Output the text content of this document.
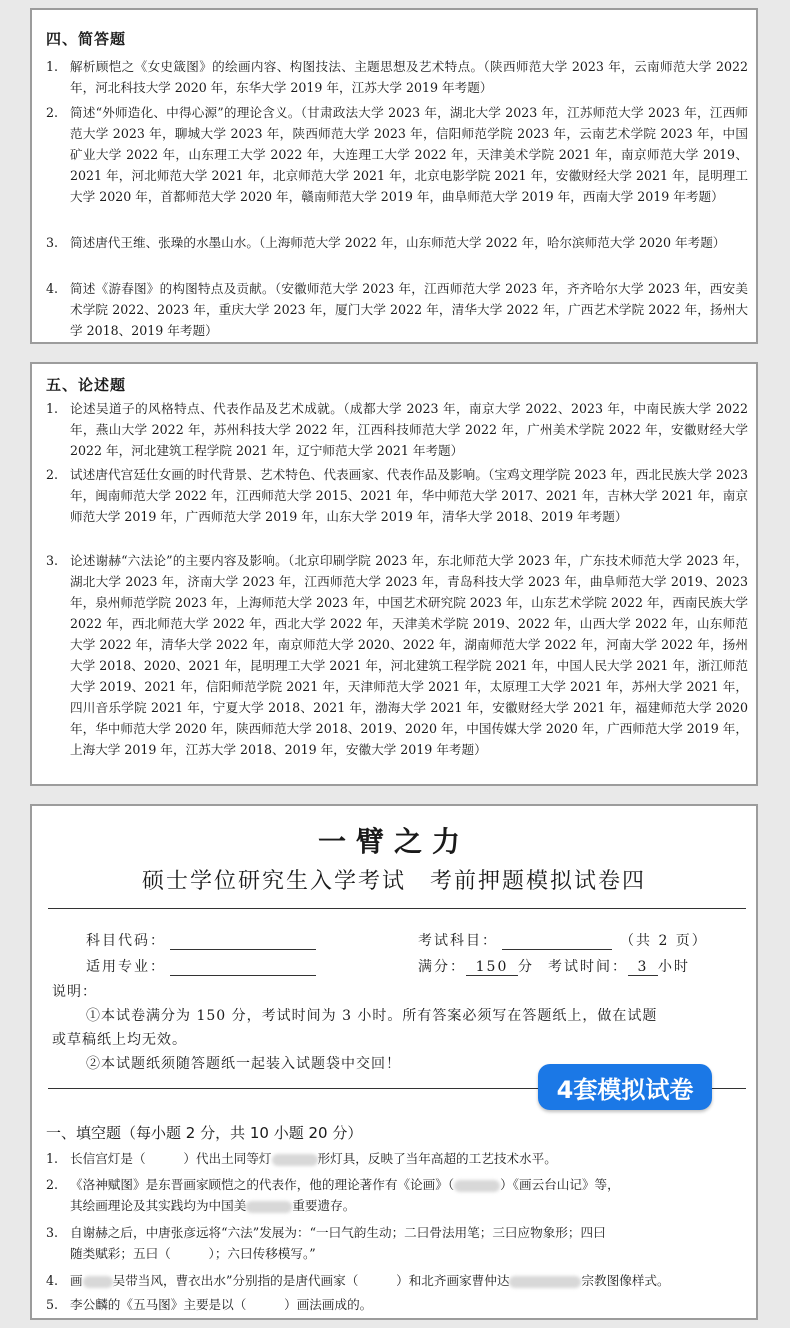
四、简答题
1. 解析顾恺之《女史箴图》的绘画内容、构图技法、主题思想及艺术特点。（陕西师范大学 2023 年，云南师范大学 2022 年，河北科技大学 2020 年，东华大学 2019 年，江苏大学 2019 年考题）
2. 简述“外师造化、中得心源”的理论含义。（甘肃政法大学 2023 年，湖北大学 2023 年，江苏师范大学 2023 年，江西师范大学 2023 年，聊城大学 2023 年，陕西师范大学 2023 年，信阳师范学院 2023 年，云南艺术学院 2023 年，中国矿业大学 2022 年，山东理工大学 2022 年，大连理工大学 2022 年，天津美术学院 2021 年，南京师范大学 2019、2021 年，河北师范大学 2021 年，北京师范大学 2021 年，北京电影学院 2021 年，安徽财经大学 2021 年，昆明理工大学 2020 年，首都师范大学 2020 年，赣南师范大学 2019 年，曲阜师范大学 2019 年，西南大学 2019 年考题）
3. 简述唐代王维、张璪的水墨山水。（上海师范大学 2022 年，山东师范大学 2022 年，哈尔滨师范大学 2020 年考题）
4. 简述《游春图》的构图特点及贡献。（安徽师范大学 2023 年，江西师范大学 2023 年，齐齐哈尔大学 2023 年，西安美术学院 2022、2023 年，重庆大学 2023 年，厦门大学 2022 年，清华大学 2022 年，广西艺术学院 2022 年，扬州大学 2018、2019 年考题）
五、论述题
1. 论述吴道子的风格特点、代表作品及艺术成就。（成都大学 2023 年，南京大学 2022、2023 年，中南民族大学 2022 年，燕山大学 2022 年，苏州科技大学 2022 年，江西科技师范大学 2022 年，广州美术学院 2022 年，安徽财经大学 2022 年，河北建筑工程学院 2021 年，辽宁师范大学 2021 年考题）
2. 试述唐代宫廷仕女画的时代背景、艺术特色、代表画家、代表作品及影响。（宝鸡文理学院 2023 年，西北民族大学 2023 年，闽南师范大学 2022 年，江西师范大学 2015、2021 年，华中师范大学 2017、2021 年，吉林大学 2021 年，南京师范大学 2019 年，广西师范大学 2019 年，山东大学 2019 年，清华大学 2018、2019 年考题）
3. 论述谢赫“六法论”的主要内容及影响。（北京印刷学院 2023 年，东北师范大学 2023 年，广东技术师范大学 2023 年，湖北大学 2023 年，济南大学 2023 年，江西师范大学 2023 年，青岛科技大学 2023 年，曲阜师范大学 2019、2023 年，泉州师范学院 2023 年，上海师范大学 2023 年，中国艺术研究院 2023 年，山东艺术学院 2022 年，西南民族大学 2022 年，西北师范大学 2022 年，西北大学 2022 年，天津美术学院 2019、2022 年，山西大学 2022 年，山东师范大学 2022 年，清华大学 2022 年，南京师范大学 2020、2022 年，湖南师范大学 2022 年，河南大学 2022 年，扬州大学 2018、2020、2021 年，昆明理工大学 2021 年，河北建筑工程学院 2021 年，中国人民大学 2021 年，浙江师范大学 2019、2021 年，信阳师范学院 2021 年，天津师范大学 2021 年，太原理工大学 2021 年，苏州大学 2021 年，四川音乐学院 2021 年，宁夏大学 2018、2021 年，渤海大学 2021 年，安徽财经大学 2021 年，福建师范大学 2020 年，华中师范大学 2020 年，陕西师范大学 2018、2019、2020 年，中国传媒大学 2020 年，广西师范大学 2019 年，上海大学 2019 年，江苏大学 2018、2019 年，安徽大学 2019 年考题）
一臂之力
硕士学位研究生入学考试　考前押题模拟试卷四
科目代码：	考试科目：	（共 2 页）
适用专业：	满分： 150 分 考试时间： 3 小时
说明：
①本试卷满分为 150 分，考试时间为 3 小时。所有答案必须写在答题纸上，做在试题
或草稿纸上均无效。
②本试题纸须随答题纸一起装入试题袋中交回！
4套模拟试卷
一、填空题（每小题 2 分，共 10 小题 20 分）
1. 长信宫灯是（　　　）代出土同等灯	形灯具，反映了当年高超的工艺技术水平。
2. 《洛神赋图》是东晋画家顾恺之的代表作，他的理论著作有《论画》（	）《画云台山记》等，
其绘画理论及其实践均为中国美	重要遗存。
3. 自谢赫之后，中唐张彦远将“六法”发展为：“一曰气韵生动；二曰骨法用笔；三曰应物象形；四曰
随类赋彩；五曰（　　　）；六曰传移模写。”
4. 画 吴带当风，曹衣出水”分别指的是唐代画家（　　　）和北齐画家曹仲达	宗教图像样式。
5. 李公麟的《五马图》主要是以（　　　）画法画成的。
